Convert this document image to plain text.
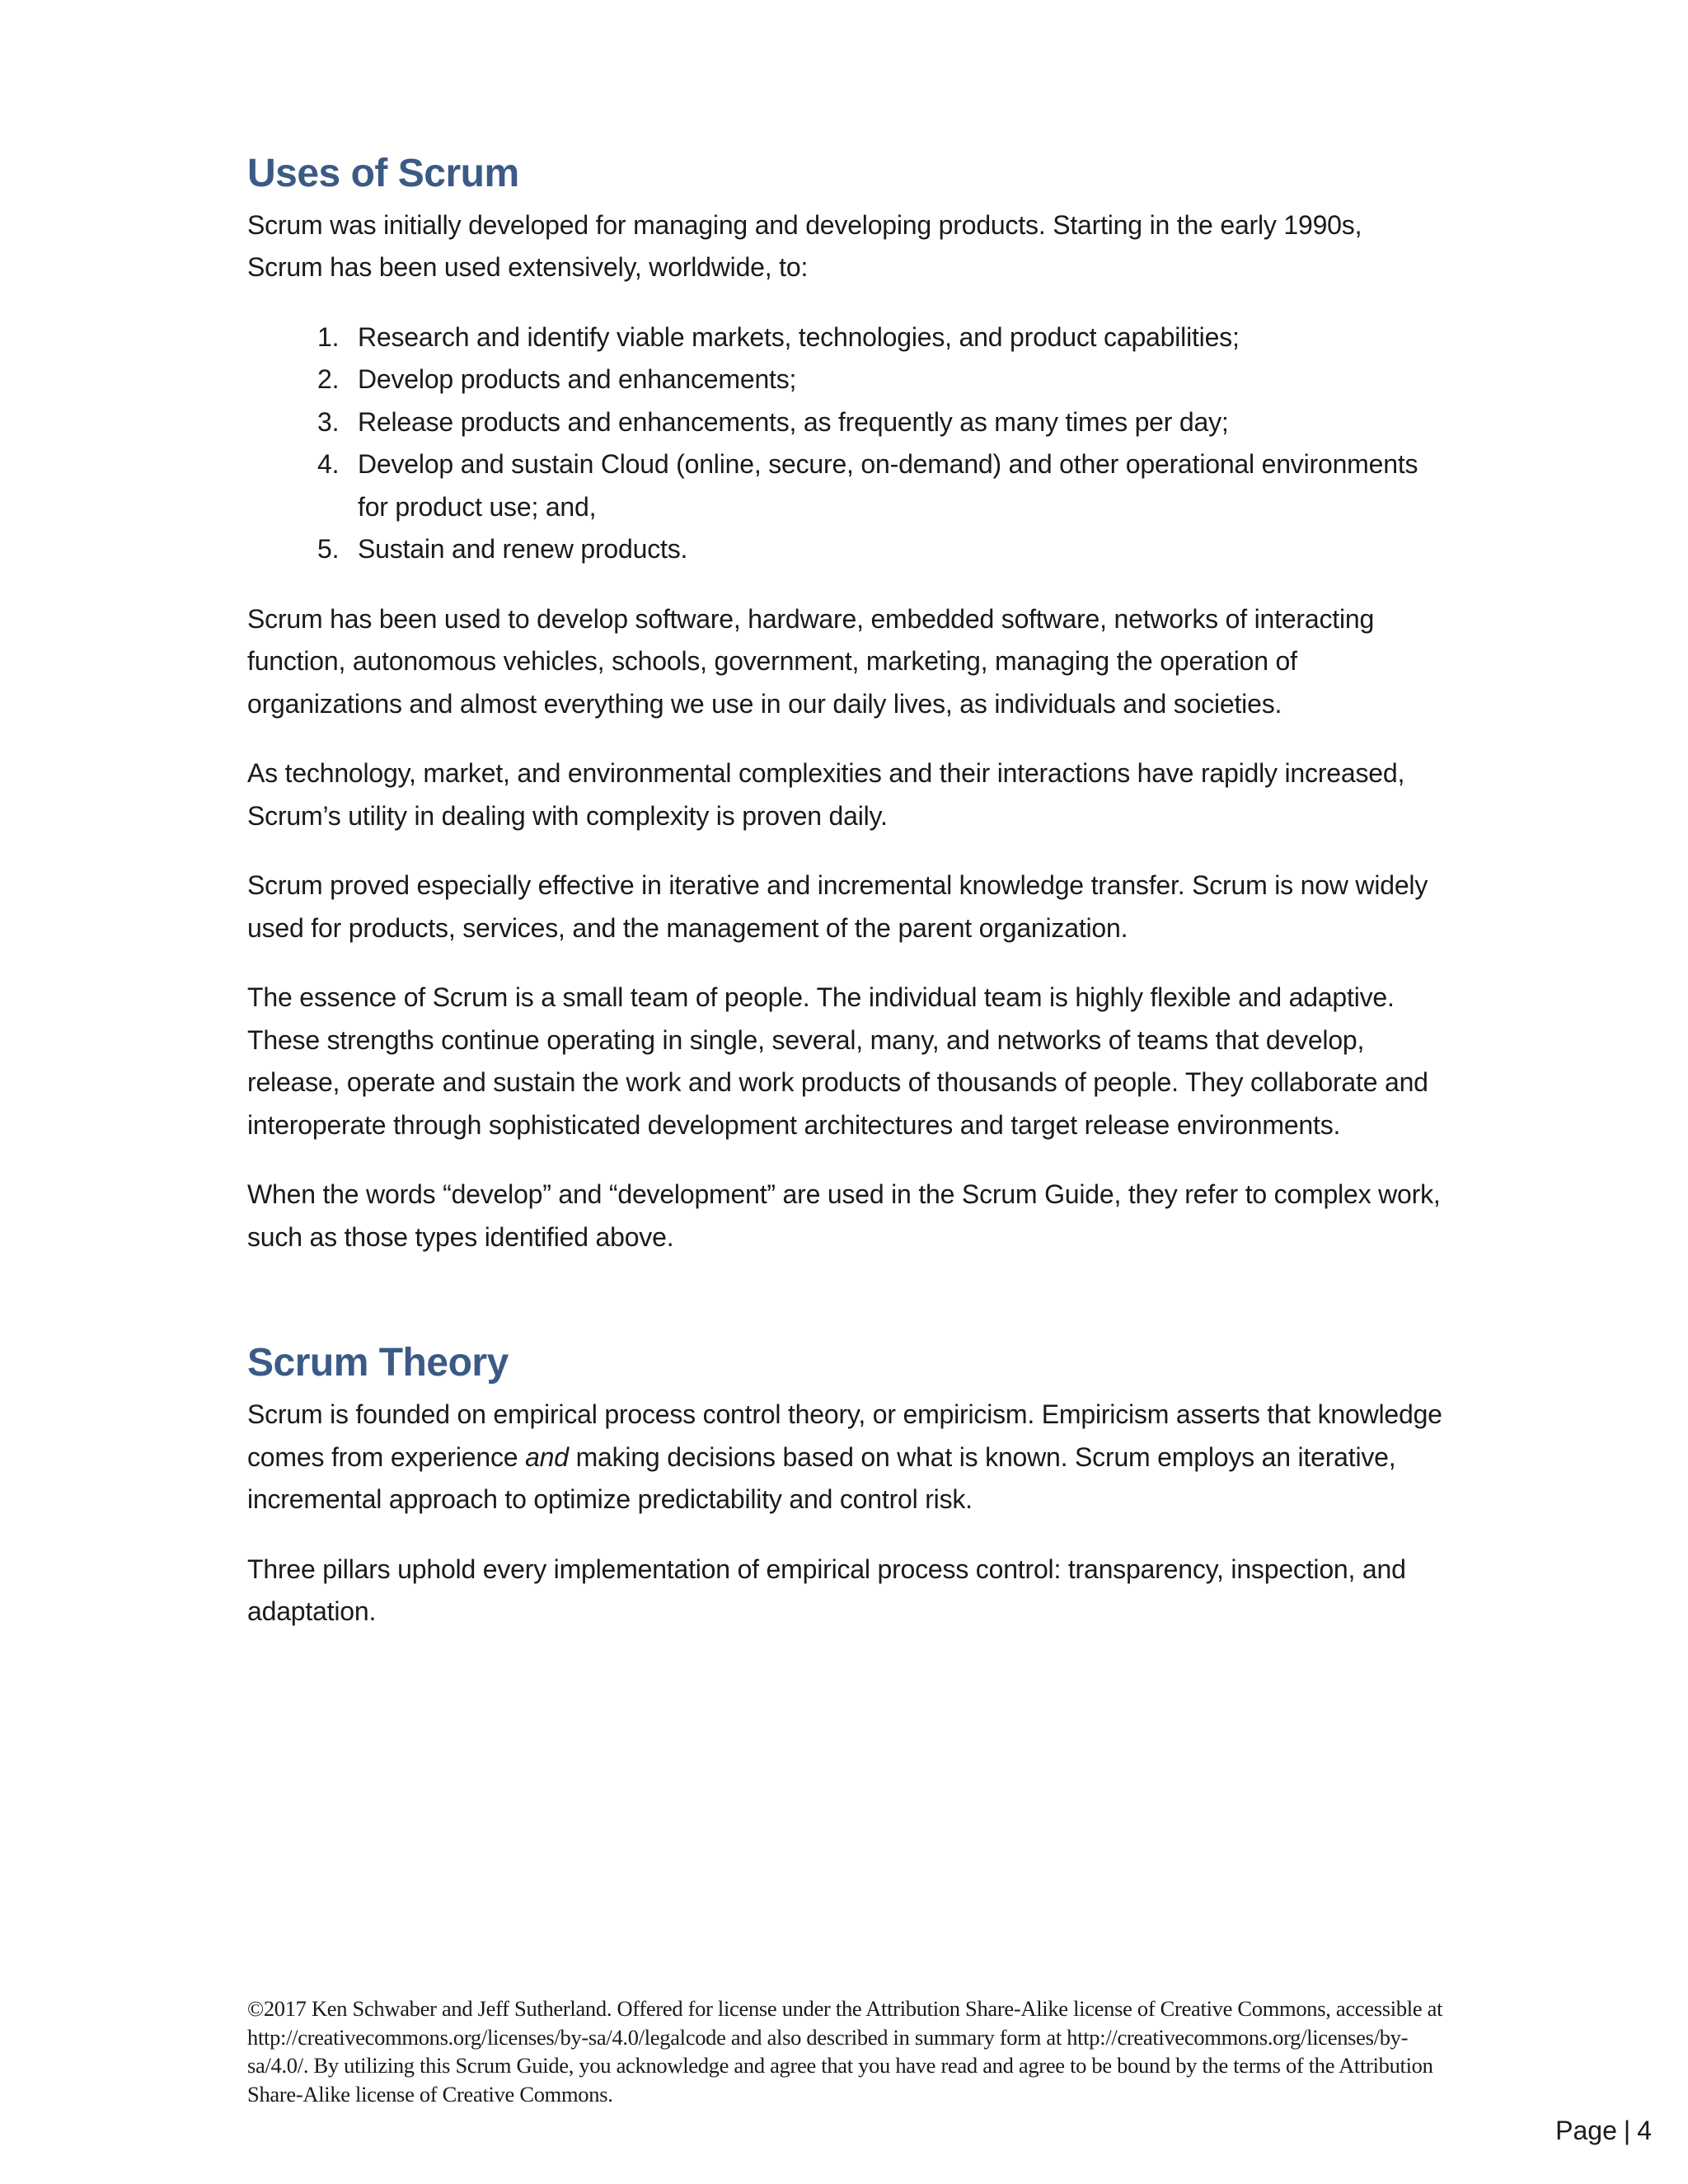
Uses of Scrum

Scrum was initially developed for managing and developing products. Starting in the early 1990s, Scrum has been used extensively, worldwide, to:

1. Research and identify viable markets, technologies, and product capabilities;
2. Develop products and enhancements;
3. Release products and enhancements, as frequently as many times per day;
4. Develop and sustain Cloud (online, secure, on-demand) and other operational environments for product use; and,
5. Sustain and renew products.

Scrum has been used to develop software, hardware, embedded software, networks of interacting function, autonomous vehicles, schools, government, marketing, managing the operation of organizations and almost everything we use in our daily lives, as individuals and societies.

As technology, market, and environmental complexities and their interactions have rapidly increased, Scrum’s utility in dealing with complexity is proven daily.

Scrum proved especially effective in iterative and incremental knowledge transfer. Scrum is now widely used for products, services, and the management of the parent organization.

The essence of Scrum is a small team of people. The individual team is highly flexible and adaptive. These strengths continue operating in single, several, many, and networks of teams that develop, release, operate and sustain the work and work products of thousands of people. They collaborate and interoperate through sophisticated development architectures and target release environments.

When the words “develop” and “development” are used in the Scrum Guide, they refer to complex work, such as those types identified above.

Scrum Theory

Scrum is founded on empirical process control theory, or empiricism. Empiricism asserts that knowledge comes from experience and making decisions based on what is known. Scrum employs an iterative, incremental approach to optimize predictability and control risk.

Three pillars uphold every implementation of empirical process control: transparency, inspection, and adaptation.

©2017 Ken Schwaber and Jeff Sutherland. Offered for license under the Attribution Share-Alike license of Creative Commons, accessible at http://creativecommons.org/licenses/by-sa/4.0/legalcode and also described in summary form at http://creativecommons.org/licenses/by-sa/4.0/. By utilizing this Scrum Guide, you acknowledge and agree that you have read and agree to be bound by the terms of the Attribution Share-Alike license of Creative Commons.

Page | 4
